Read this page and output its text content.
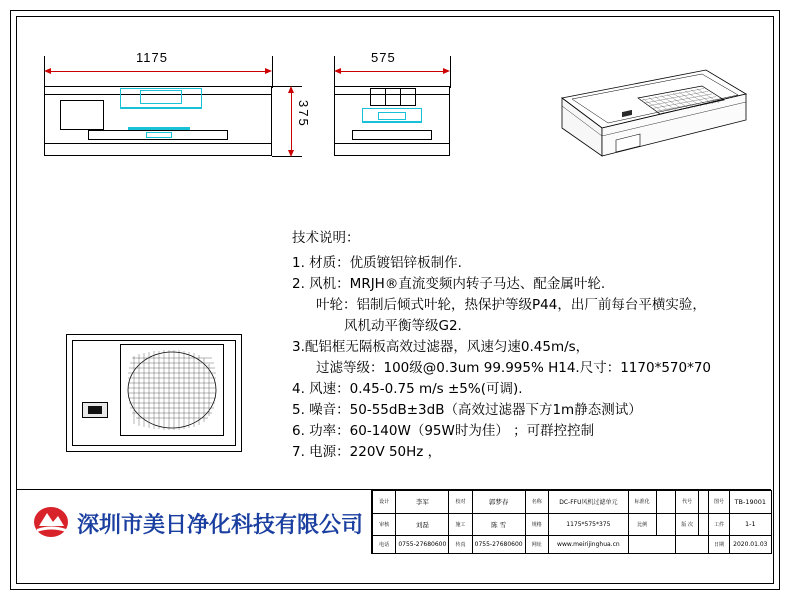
1175
375
575
技术说明：
1. 材质：优质镀铝锌板制作.
2. 风机：MRJH®直流变频内转子马达、配金属叶轮.
叶轮：铝制后倾式叶轮，热保护等级P44，出厂前每台平横实验，
风机动平衡等级G2.
3.配铝框无隔板高效过滤器，风速匀速0.45m/s，
过滤等级：100级@0.3um 99.995% H14.尺寸：1170*570*70
4. 风速：0.45-0.75 m/s ±5%(可调).
5. 噪音：50-55dB±3dB（高效过滤器下方1m静态测试）
6. 功率：60-140W（95W时为佳） ；可群控控制
7. 电源：220V 50Hz ，
深圳市美日净化科技有限公司
设计	李军	校对	郭梦春	名称	DC-FFU风机过滤单元	标准化		代号		图号	TB-19001
审核	刘磊	施工	陈 雪	规格	1175*575*375	比例		版 次		工件	1-1
电话	0755-27680600	传真	0755-27680600	网址	www.meirijinghua.cn					日期	2020.01.03
